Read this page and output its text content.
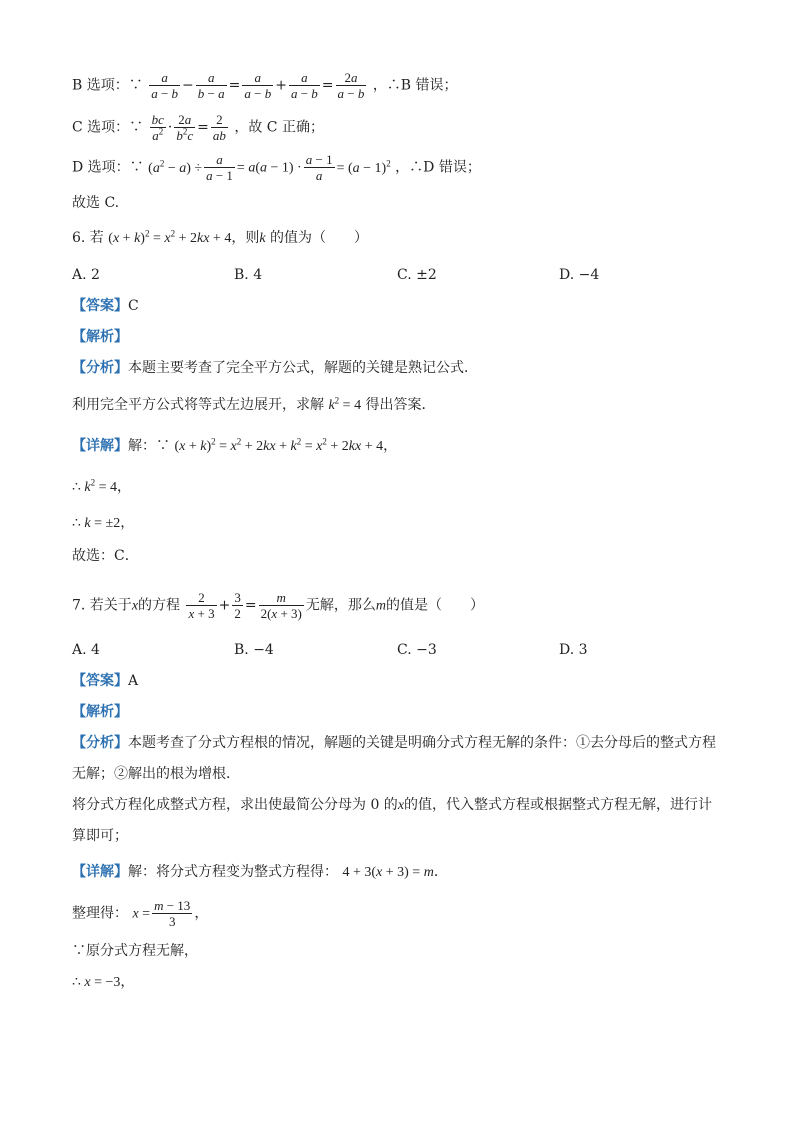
B 选项：∵ $\frac{a}{a - b} - \frac{a}{b - a} = \frac{a}{a - b} + \frac{a}{a - b} = \frac{2a}{a - b}$ ，∴B 错误；
C 选项：∵ $\frac{bc}{a^2} \cdot \frac{2a}{b^2c} = \frac{2}{ab}$ ，故 C 正确；
D 选项：∵ $(a^2 - a) \div \frac{a}{a - 1} = a(a - 1) \cdot \frac{a - 1}{a} = (a - 1)^2$ ，∴D 错误；
故选 C.
6. 若 $(x + k)^2 = x^2 + 2kx + 4$，则k 的值为（　　）
A. 2	B. 4	C. ±2	D. −4
【答案】C
【解析】
【分析】本题主要考查了完全平方公式，解题的关键是熟记公式．
利用完全平方公式将等式左边展开，求解 $k^2 = 4$ 得出答案．
【详解】解：∵ $(x + k)^2 = x^2 + 2kx + k^2 = x^2 + 2kx + 4$，
∴ $k^2 = 4$，
∴ k = ±2，
故选：C．
7. 若关于x的方程 $\frac{2}{x + 3} + \frac{3}{2} = \frac{m}{2(x + 3)}$ 无解，那么m的值是（　　）
A. 4	B. −4	C. −3	D. 3
【答案】A
【解析】
【分析】本题考查了分式方程根的情况，解题的关键是明确分式方程无解的条件：①去分母后的整式方程
无解；②解出的根为增根．
将分式方程化成整式方程，求出使最简公分母为 0 的x的值，代入整式方程或根据整式方程无解，进行计
算即可；
【详解】解：将分式方程变为整式方程得： 4 + 3(x + 3) = m．
整理得： $x = \frac{m - 13}{3}$ ，
∵原分式方程无解，
∴ x = −3，
